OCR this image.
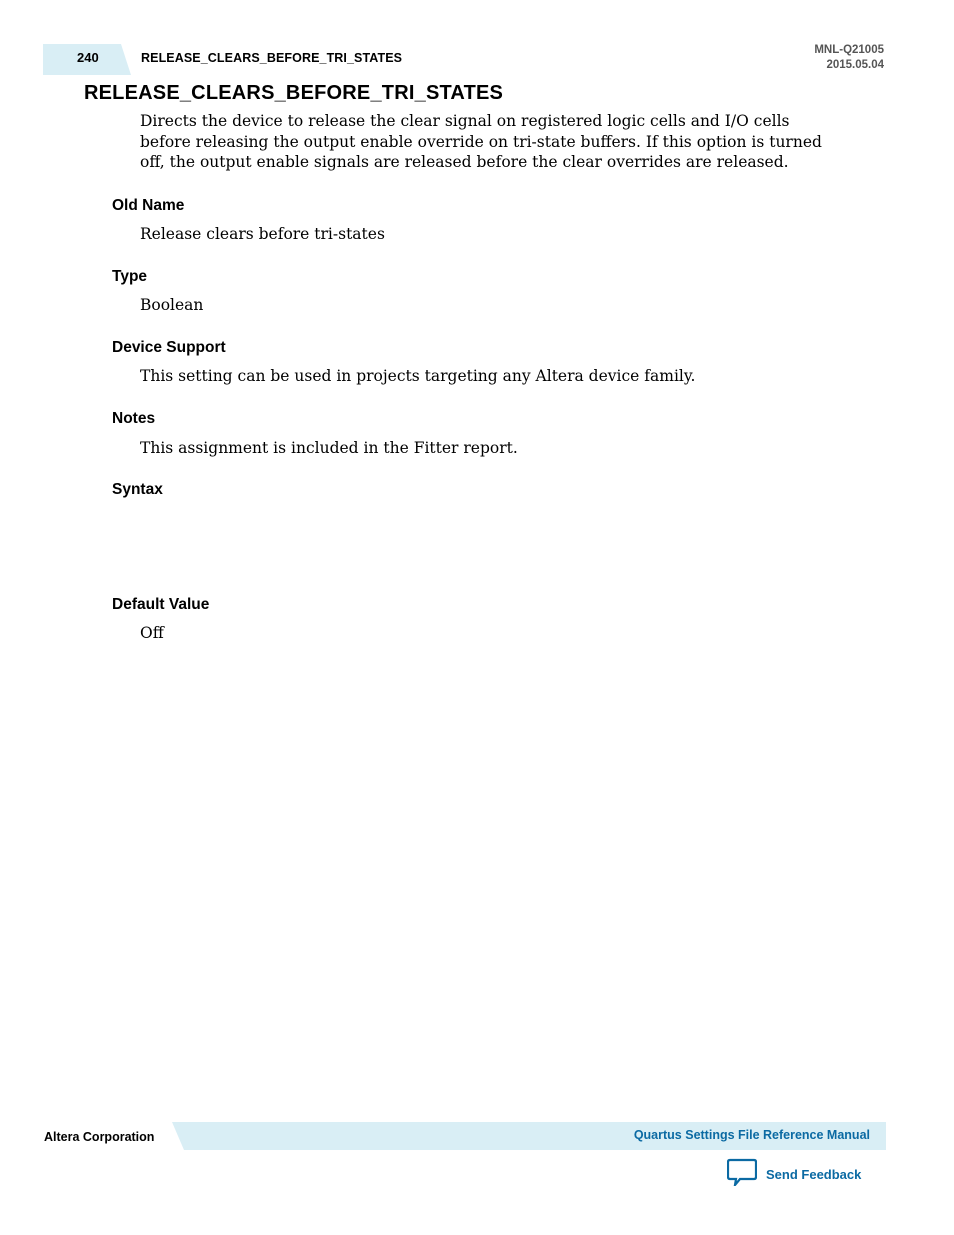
240	RELEASE_CLEARS_BEFORE_TRI_STATES
MNL-Q21005
2015.05.04
RELEASE_CLEARS_BEFORE_TRI_STATES
Directs the device to release the clear signal on registered logic cells and I/O cells before releasing the output enable override on tri-state buffers. If this option is turned off, the output enable signals are released before the clear overrides are released.
Old Name
Release clears before tri-states
Type
Boolean
Device Support
This setting can be used in projects targeting any Altera device family.
Notes
This assignment is included in the Fitter report.
Syntax
Default Value
Off
Altera Corporation	Quartus Settings File Reference Manual
Send Feedback
